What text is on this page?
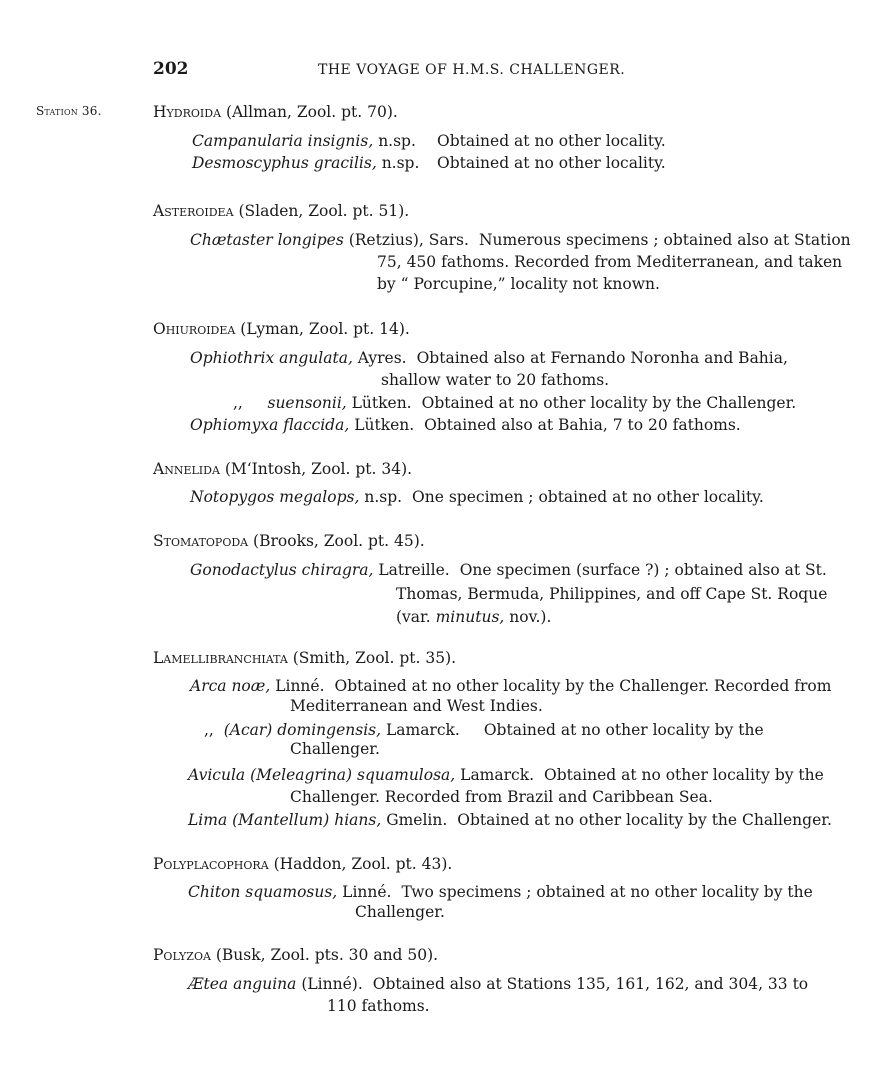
202	THE VOYAGE OF H.M.S. CHALLENGER.
Station 36.	Hydroida (Allman, Zool. pt. 70).
Campanularia insignis, n.sp. Obtained at no other locality.
Desmoscyphus gracilis, n.sp. Obtained at no other locality.
Asteroidea (Sladen, Zool. pt. 51).
Chætaster longipes (Retzius), Sars. Numerous specimens ; obtained also at Station
75, 450 fathoms. Recorded from Mediterranean, and taken
by “ Porcupine,” locality not known.
Ohiuroidea (Lyman, Zool. pt. 14).
Ophiothrix angulata, Ayres. Obtained also at Fernando Noronha and Bahia,
shallow water to 20 fathoms.
,, suensonii, Lütken. Obtained at no other locality by the Challenger.
Ophiomyxa flaccida, Lütken. Obtained also at Bahia, 7 to 20 fathoms.
Annelida (M‘Intosh, Zool. pt. 34).
Notopygos megalops, n.sp. One specimen ; obtained at no other locality.
Stomatopoda (Brooks, Zool. pt. 45).
Gonodactylus chiragra, Latreille. One specimen (surface ?) ; obtained also at St.
Thomas, Bermuda, Philippines, and off Cape St. Roque
(var. minutus, nov.).
Lamellibranchiata (Smith, Zool. pt. 35).
Arca noæ, Linné. Obtained at no other locality by the Challenger. Recorded from
Mediterranean and West Indies.
,, (Acar) domingensis, Lamarck. Obtained at no other locality by the
Challenger.
Avicula (Meleagrina) squamulosa, Lamarck. Obtained at no other locality by the
Challenger. Recorded from Brazil and Caribbean Sea.
Lima (Mantellum) hians, Gmelin. Obtained at no other locality by the Challenger.
Polyplacophora (Haddon, Zool. pt. 43).
Chiton squamosus, Linné. Two specimens ; obtained at no other locality by the
Challenger.
Polyzoa (Busk, Zool. pts. 30 and 50).
Ætea anguina (Linné). Obtained also at Stations 135, 161, 162, and 304, 33 to
110 fathoms.
